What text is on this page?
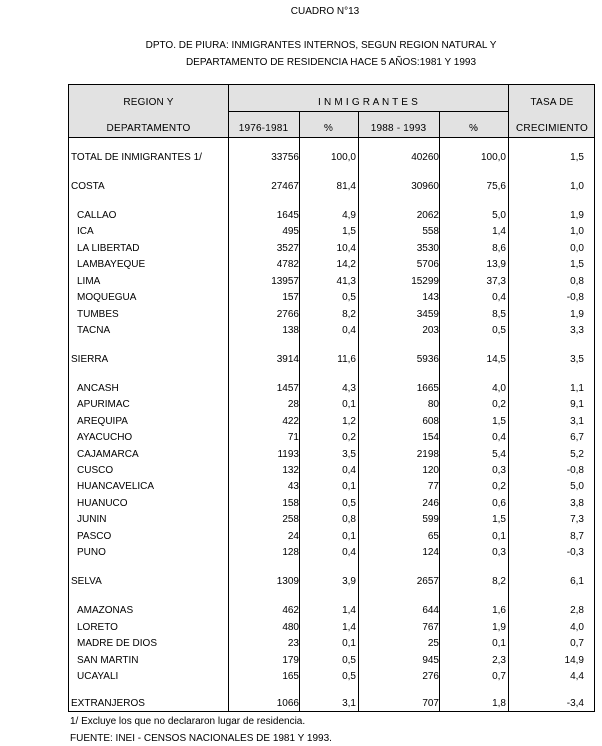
CUADRO N°13
DPTO. DE PIURA: INMIGRANTES INTERNOS, SEGUN REGION NATURAL Y
DEPARTAMENTO DE RESIDENCIA HACE 5 AÑOS:1981 Y 1993
REGION Y
DEPARTAMENTO
I N M I G R A N T E S
1976-1981	%	1988 - 1993	%
TASA DE
CRECIMIENTO
TOTAL DE INMIGRANTES 1/	33756	100,0	40260	100,0	1,5
COSTA	27467	81,4	30960	75,6	1,0
CALLAO	1645	4,9	2062	5,0	1,9
ICA	495	1,5	558	1,4	1,0
LA LIBERTAD	3527	10,4	3530	8,6	0,0
LAMBAYEQUE	4782	14,2	5706	13,9	1,5
LIMA	13957	41,3	15299	37,3	0,8
MOQUEGUA	157	0,5	143	0,4	-0,8
TUMBES	2766	8,2	3459	8,5	1,9
TACNA	138	0,4	203	0,5	3,3
SIERRA	3914	11,6	5936	14,5	3,5
ANCASH	1457	4,3	1665	4,0	1,1
APURIMAC	28	0,1	80	0,2	9,1
AREQUIPA	422	1,2	608	1,5	3,1
AYACUCHO	71	0,2	154	0,4	6,7
CAJAMARCA	1193	3,5	2198	5,4	5,2
CUSCO	132	0,4	120	0,3	-0,8
HUANCAVELICA	43	0,1	77	0,2	5,0
HUANUCO	158	0,5	246	0,6	3,8
JUNIN	258	0,8	599	1,5	7,3
PASCO	24	0,1	65	0,1	8,7
PUNO	128	0,4	124	0,3	-0,3
SELVA	1309	3,9	2657	8,2	6,1
AMAZONAS	462	1,4	644	1,6	2,8
LORETO	480	1,4	767	1,9	4,0
MADRE DE DIOS	23	0,1	25	0,1	0,7
SAN MARTIN	179	0,5	945	2,3	14,9
UCAYALI	165	0,5	276	0,7	4,4
EXTRANJEROS	1066	3,1	707	1,8	-3,4
1/ Excluye los que no declararon lugar de residencia.
FUENTE: INEI - CENSOS NACIONALES DE 1981 Y 1993.
